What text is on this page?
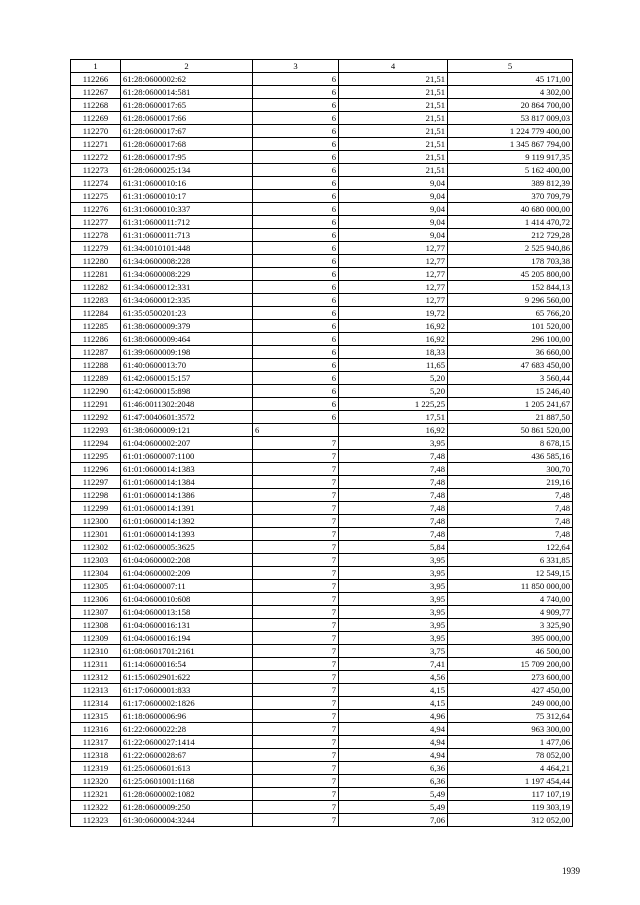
1	2	3	4	5
112266	61:28:0600002:62	6	21,51	45 171,00
112267	61:28:0600014:581	6	21,51	4 302,00
112268	61:28:0600017:65	6	21,51	20 864 700,00
112269	61:28:0600017:66	6	21,51	53 817 009,03
112270	61:28:0600017:67	6	21,51	1 224 779 400,00
112271	61:28:0600017:68	6	21,51	1 345 867 794,00
112272	61:28:0600017:95	6	21,51	9 119 917,35
112273	61:28:0600025:134	6	21,51	5 162 400,00
112274	61:31:0600010:16	6	9,04	389 812,39
112275	61:31:0600010:17	6	9,04	370 709,79
112276	61:31:0600010:337	6	9,04	40 680 000,00
112277	61:31:0600011:712	6	9,04	1 414 470,72
112278	61:31:0600011:713	6	9,04	212 729,28
112279	61:34:0010101:448	6	12,77	2 525 940,86
112280	61:34:0600008:228	6	12,77	178 703,38
112281	61:34:0600008:229	6	12,77	45 205 800,00
112282	61:34:0600012:331	6	12,77	152 844,13
112283	61:34:0600012:335	6	12,77	9 296 560,00
112284	61:35:0500201:23	6	19,72	65 766,20
112285	61:38:0600009:379	6	16,92	101 520,00
112286	61:38:0600009:464	6	16,92	296 100,00
112287	61:39:0600009:198	6	18,33	36 660,00
112288	61:40:0600013:70	6	11,65	47 683 450,00
112289	61:42:0600015:157	6	5,20	3 560,44
112290	61:42:0600015:898	6	5,20	15 246,40
112291	61:46:0011302:2048	6	1 225,25	1 205 241,67
112292	61:47:0040601:3572	6	17,51	21 887,50
112293	61:38:0600009:121	6	16,92	50 861 520,00
112294	61:04:0600002:207	7	3,95	8 678,15
112295	61:01:0600007:1100	7	7,48	436 585,16
112296	61:01:0600014:1383	7	7,48	300,70
112297	61:01:0600014:1384	7	7,48	219,16
112298	61:01:0600014:1386	7	7,48	7,48
112299	61:01:0600014:1391	7	7,48	7,48
112300	61:01:0600014:1392	7	7,48	7,48
112301	61:01:0600014:1393	7	7,48	7,48
112302	61:02:0600005:3625	7	5,84	122,64
112303	61:04:0600002:208	7	3,95	6 331,85
112304	61:04:0600002:209	7	3,95	12 549,15
112305	61:04:0600007:11	7	3,95	11 850 000,00
112306	61:04:0600010:608	7	3,95	4 740,00
112307	61:04:0600013:158	7	3,95	4 909,77
112308	61:04:0600016:131	7	3,95	3 325,90
112309	61:04:0600016:194	7	3,95	395 000,00
112310	61:08:0601701:2161	7	3,75	46 500,00
112311	61:14:0600016:54	7	7,41	15 709 200,00
112312	61:15:0602901:622	7	4,56	273 600,00
112313	61:17:0600001:833	7	4,15	427 450,00
112314	61:17:0600002:1826	7	4,15	249 000,00
112315	61:18:0600006:96	7	4,96	75 312,64
112316	61:22:0600022:28	7	4,94	963 300,00
112317	61:22:0600027:1414	7	4,94	1 477,06
112318	61:22:0600028:67	7	4,94	78 052,00
112319	61:25:0600601:613	7	6,36	4 464,21
112320	61:25:0601001:1168	7	6,36	1 197 454,44
112321	61:28:0600002:1082	7	5,49	117 107,19
112322	61:28:0600009:250	7	5,49	119 303,19
112323	61:30:0600004:3244	7	7,06	312 052,00
1939
